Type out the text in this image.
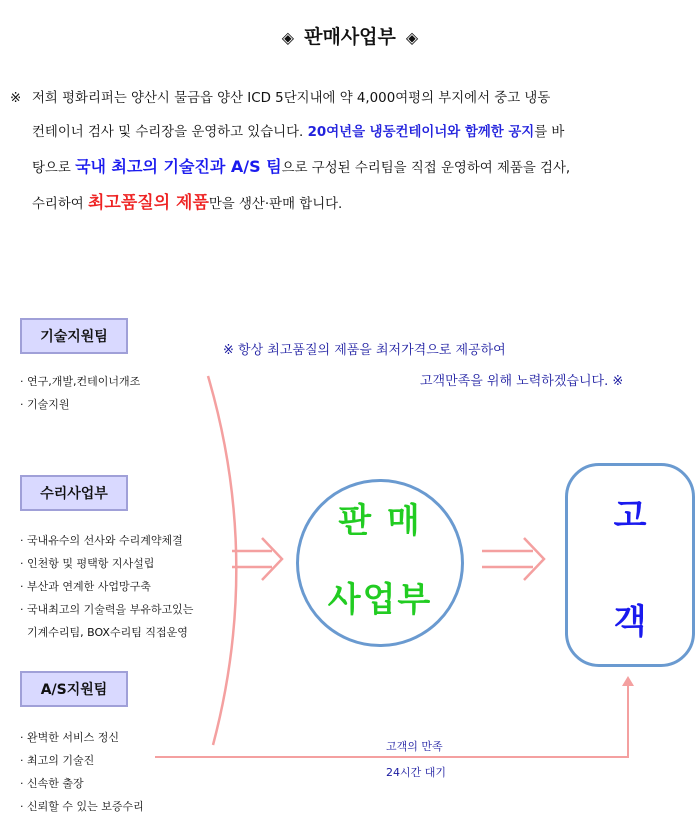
◈ 판매사업부 ◈
※ 저희 평화리퍼는 양산시 물금읍 양산 ICD 5단지내에 약 4,000여평의 부지에서 중고 냉동
컨테이너 검사 및 수리장을 운영하고 있습니다. 20여년을 냉동컨테이너와 함께한 공지를 바
탕으로 국내 최고의 기술진과 A/S 팀으로 구성된 수리팀을 직접 운영하여 제품을 검사,
수리하여 최고품질의 제품만을 생산·판매 합니다.
기술지원팀
· 연구,개발,컨테이너개조
· 기술지원
수리사업부
· 국내유수의 선사와 수리계약체결
· 인천항 및 평택항 지사설립
· 부산과 연계한 사업망구축
· 국내최고의 기술력을 부유하고있는
기계수리팀, BOX수리팀 직접운영
A/S지원팀
· 완벽한 서비스 정신
· 최고의 기술진
· 신속한 출장
· 신뢰할 수 있는 보증수리
※ 항상 최고품질의 제품을 최저가격으로 제공하여
고객만족을 위해 노력하겠습니다. ※
판 매
사업부
고
객
고객의 만족
24시간 대기
